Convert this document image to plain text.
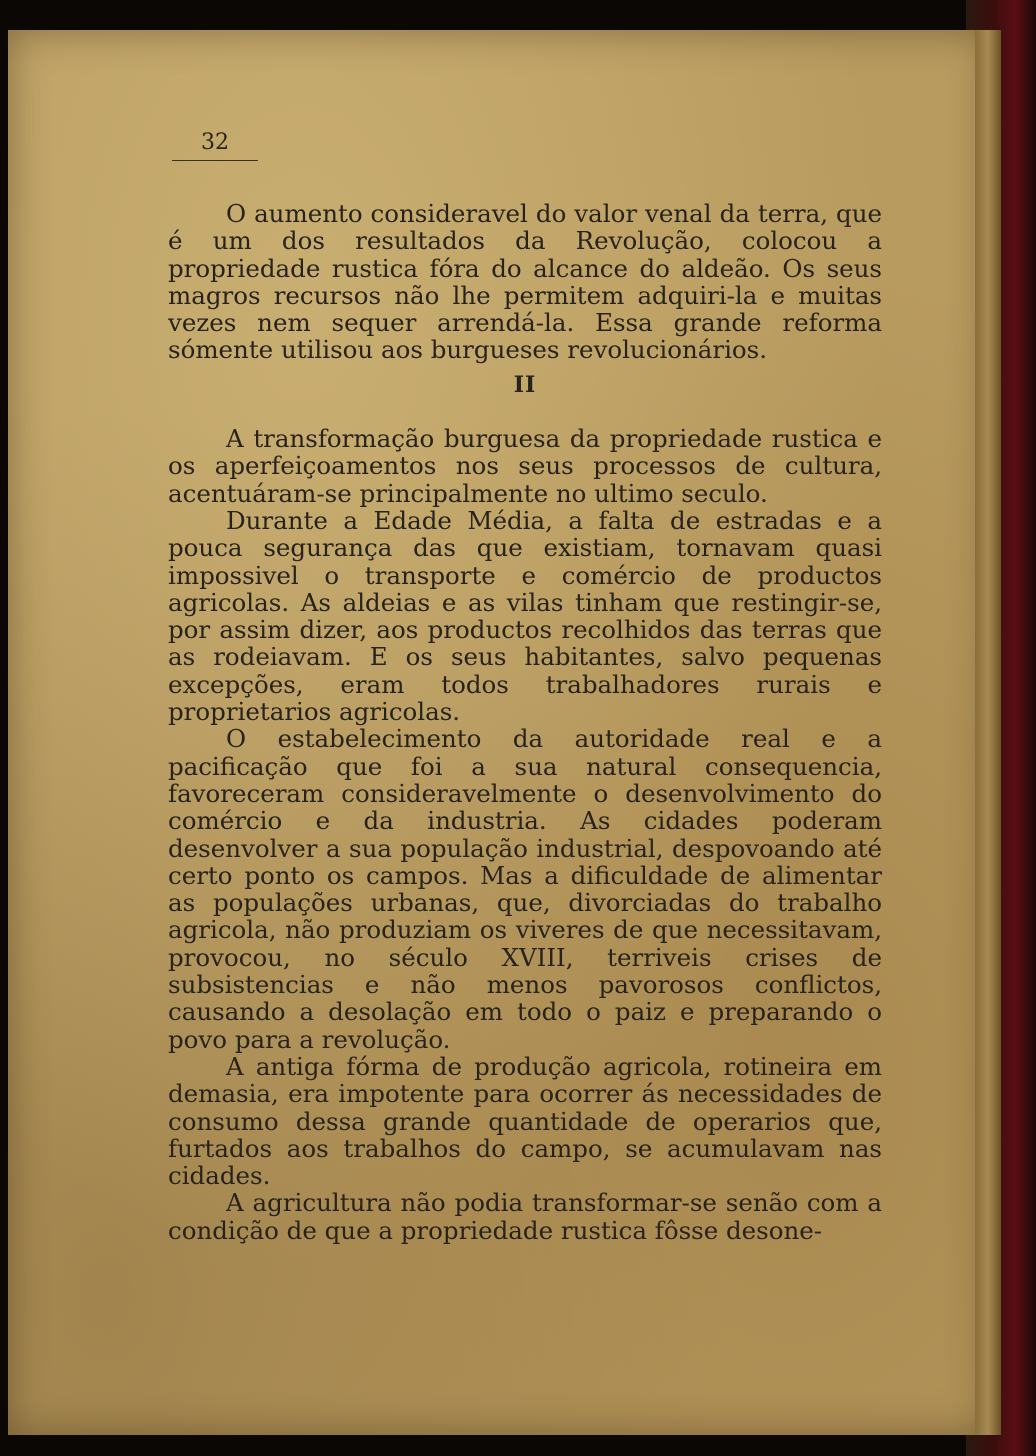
32

O aumento consideravel do valor venal da terra, que é um dos resultados da Revolução, colocou a propriedade rustica fóra do alcance do aldeão. Os seus magros recursos não lhe permitem adquiri-la e muitas vezes nem sequer arrendá-la. Essa grande reforma sómente utilisou aos burgueses revolucionários.

II

A transformação burguesa da propriedade rustica e os aperfeiçoamentos nos seus processos de cultura, acentuáram-se principalmente no ultimo seculo.

Durante a Edade Média, a falta de estradas e a pouca segurança das que existiam, tornavam quasi impossivel o transporte e comércio de productos agricolas. As aldeias e as vilas tinham que restingir-se, por assim dizer, aos productos recolhidos das terras que as rodeiavam. E os seus habitantes, salvo pequenas excepções, eram todos trabalhadores rurais e proprietarios agricolas.

O estabelecimento da autoridade real e a pacificação que foi a sua natural consequencia, favoreceram consideravelmente o desenvolvimento do comércio e da industria. As cidades poderam desenvolver a sua população industrial, despovoando até certo ponto os campos. Mas a dificuldade de alimentar as populações urbanas, que, divorciadas do trabalho agricola, não produziam os viveres de que necessitavam, provocou, no século XVIII, terriveis crises de subsistencias e não menos pavorosos conflictos, causando a desolação em todo o paiz e preparando o povo para a revolução.

A antiga fórma de produção agricola, rotineira em demasia, era impotente para ocorrer ás necessidades de consumo dessa grande quantidade de operarios que, furtados aos trabalhos do campo, se acumulavam nas cidades.

A agricultura não podia transformar-se senão com a condição de que a propriedade rustica fôsse desone-
